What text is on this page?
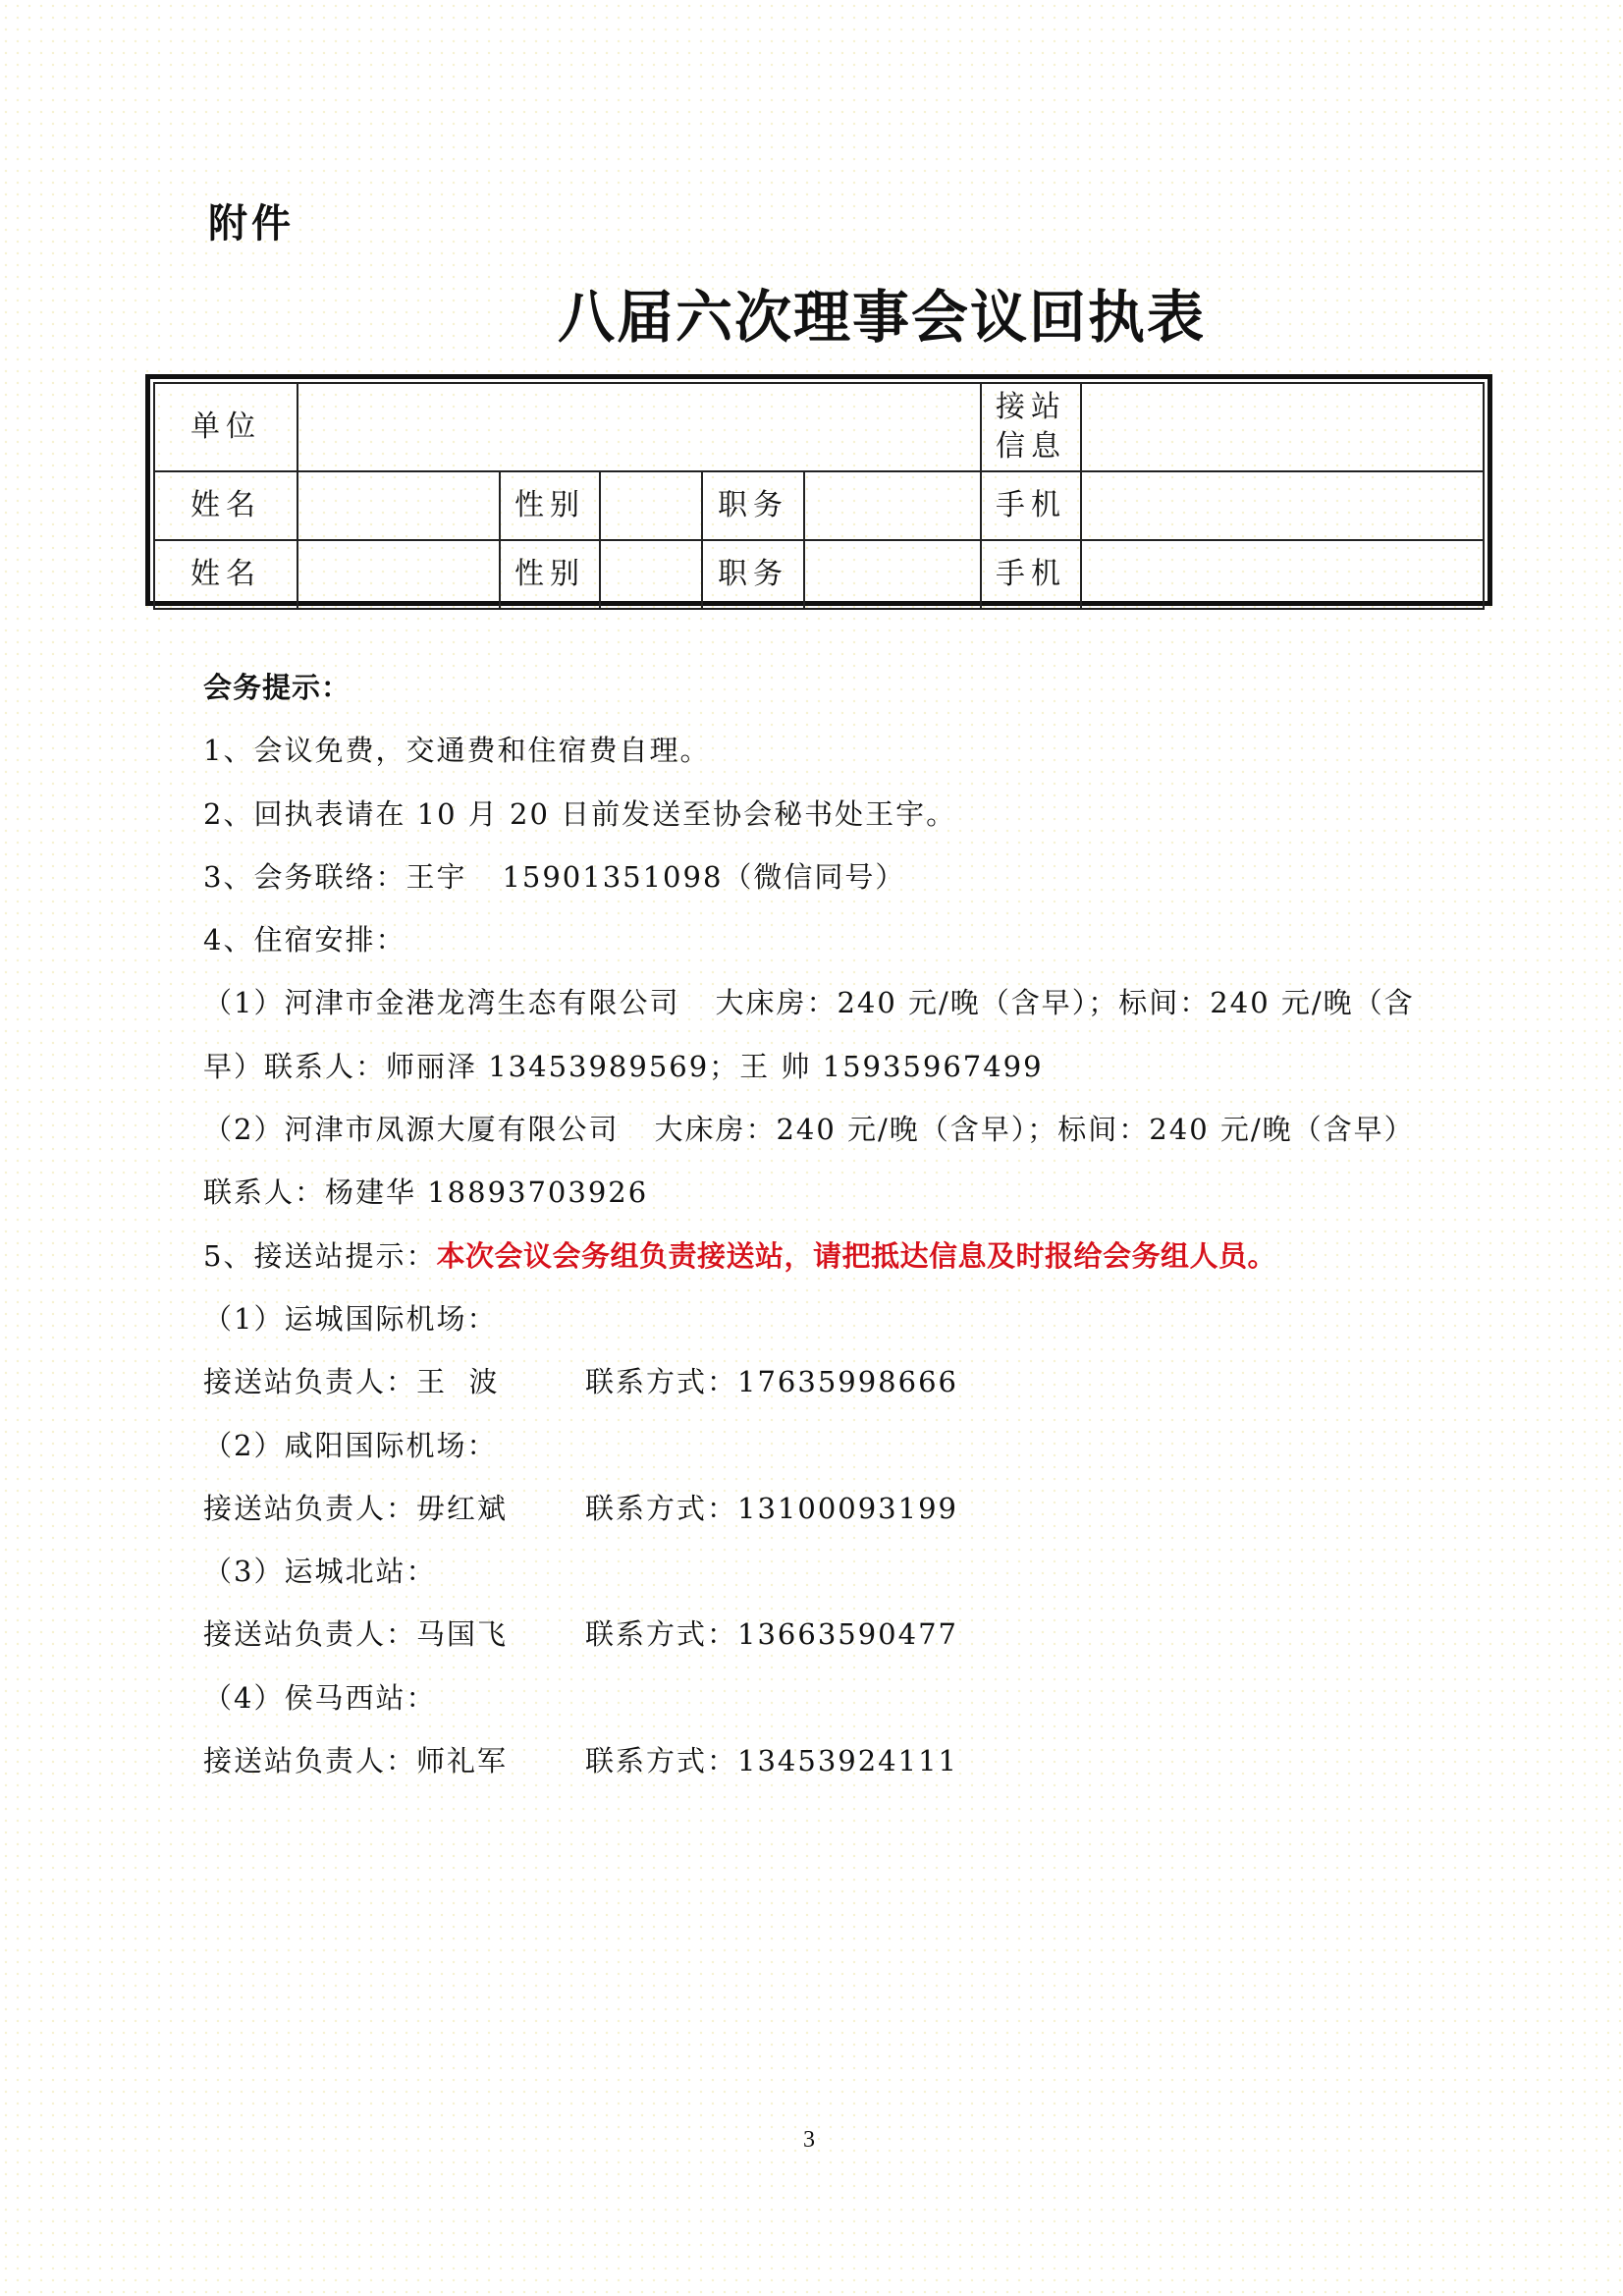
附件
八届六次理事会议回执表
单位						接站
信息	

姓名		性别		职务		手机	
姓名		性别		职务		手机	
会务提示：
1、会议免费，交通费和住宿费自理。
2、回执表请在 10 月 20 日前发送至协会秘书处王宇。
3、会务联络：王宇 15901351098（微信同号）
4、住宿安排：
（1）河津市金港龙湾生态有限公司 大床房：240 元/晚（含早）；标间：240 元/晚（含
早）联系人：师丽泽 13453989569；王 帅 15935967499
（2）河津市凤源大厦有限公司 大床房：240 元/晚（含早）；标间：240 元/晚（含早）
联系人：杨建华 18893703926
5、接送站提示：本次会议会务组负责接送站，请把抵达信息及时报给会务组人员。
（1）运城国际机场：
接送站负责人：王  波	联系方式：17635998666
（2）咸阳国际机场：
接送站负责人：毋红斌	联系方式：13100093199
（3）运城北站：
接送站负责人：马国飞	联系方式：13663590477
（4）侯马西站：
接送站负责人：师礼军	联系方式：13453924111
3
